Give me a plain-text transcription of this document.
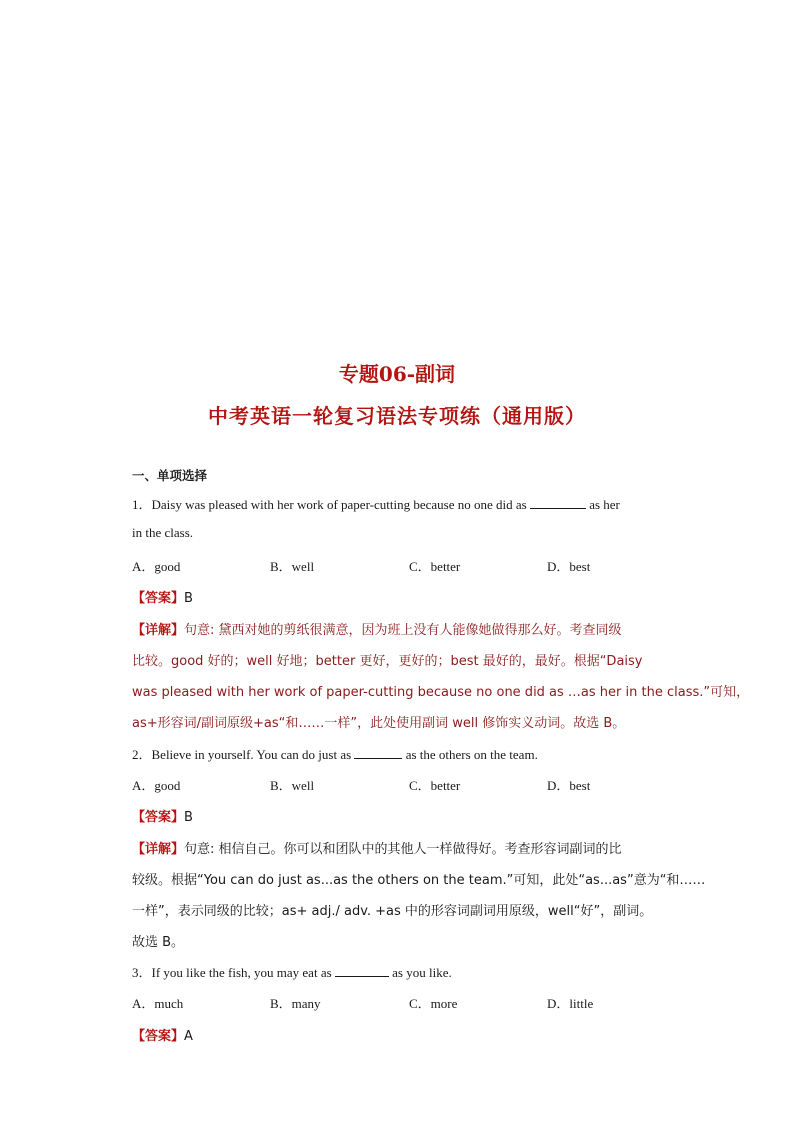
专题06-副词
中考英语一轮复习语法专项练（通用版）
一、单项选择
1．Daisy was pleased with her work of paper-cutting because no one did as	as her
in the class.
A．good	B．well	C．better	D．best
【答案】B
【详解】句意: 黛西对她的剪纸很满意，因为班上没有人能像她做得那么好。考查同级
比较。good 好的；well 好地；better 更好，更好的；best 最好的，最好。根据“Daisy
was pleased with her work of paper-cutting because no one did as …as her in the class.”可知，
as+形容词/副词原级+as“和……一样”，此处使用副词 well 修饰实义动词。故选 B。
2．Believe in yourself. You can do just as	as the others on the team.
A．good	B．well	C．better	D．best
【答案】B
【详解】句意: 相信自己。你可以和团队中的其他人一样做得好。考查形容词副词的比
较级。根据“You can do just as...as the others on the team.”可知，此处“as...as”意为“和……
一样”，表示同级的比较；as+ adj./ adv. +as 中的形容词副词用原级，well“好”，副词。
故选 B。
3．If you like the fish, you may eat as	as you like.
A．much	B．many	C．more	D．little
【答案】A
